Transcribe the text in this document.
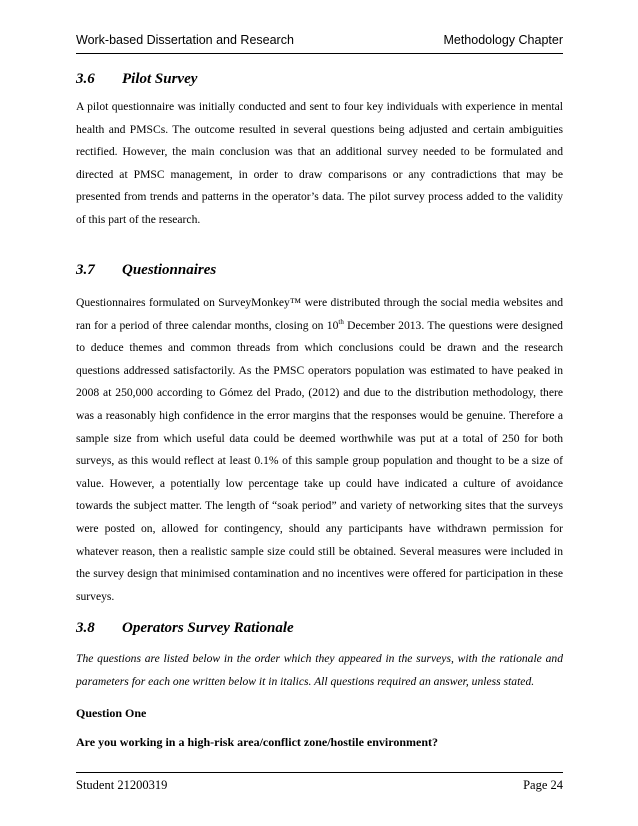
Work-based Dissertation and Research	Methodology Chapter
3.6 Pilot Survey

A pilot questionnaire was initially conducted and sent to four key individuals with experience in mental health and PMSCs. The outcome resulted in several questions being adjusted and certain ambiguities rectified. However, the main conclusion was that an additional survey needed to be formulated and directed at PMSC management, in order to draw comparisons or any contradictions that may be presented from trends and patterns in the operator’s data. The pilot survey process added to the validity of this part of the research.

3.7 Questionnaires

Questionnaires formulated on SurveyMonkey™ were distributed through the social media websites and ran for a period of three calendar months, closing on 10th December 2013. The questions were designed to deduce themes and common threads from which conclusions could be drawn and the research questions addressed satisfactorily. As the PMSC operators population was estimated to have peaked in 2008 at 250,000 according to Gómez del Prado, (2012) and due to the distribution methodology, there was a reasonably high confidence in the error margins that the responses would be genuine. Therefore a sample size from which useful data could be deemed worthwhile was put at a total of 250 for both surveys, as this would reflect at least 0.1% of this sample group population and thought to be a size of value. However, a potentially low percentage take up could have indicated a culture of avoidance towards the subject matter. The length of “soak period” and variety of networking sites that the surveys were posted on, allowed for contingency, should any participants have withdrawn permission for whatever reason, then a realistic sample size could still be obtained. Several measures were included in the survey design that minimised contamination and no incentives were offered for participation in these surveys.

3.8 Operators Survey Rationale

The questions are listed below in the order which they appeared in the surveys, with the rationale and parameters for each one written below it in italics. All questions required an answer, unless stated.

Question One
Are you working in a high-risk area/conflict zone/hostile environment?
Student 21200319	Page 24
